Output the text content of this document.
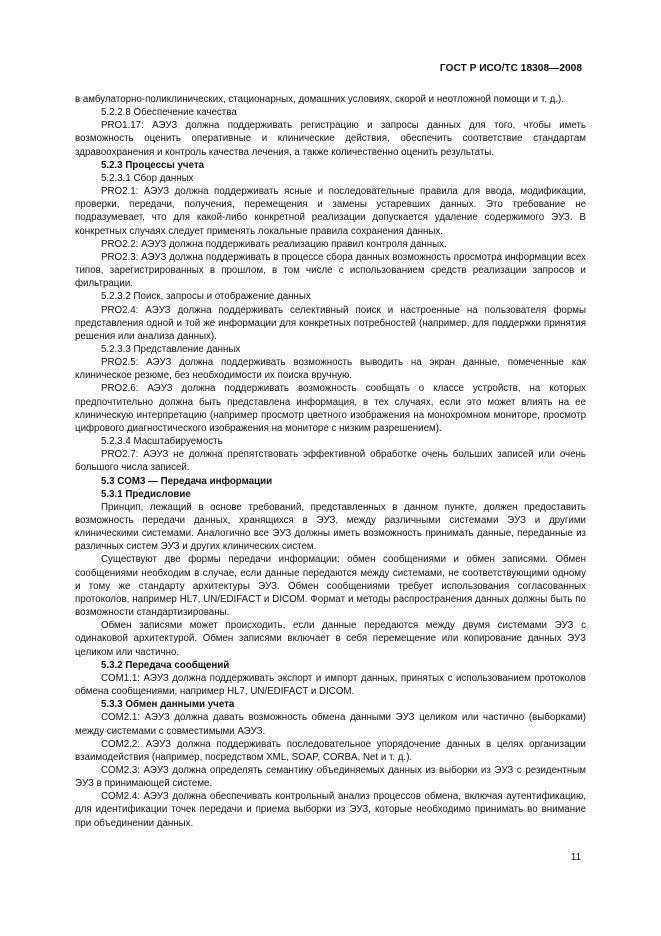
ГОСТ Р ИСО/ТС 18308—2008

в амбулаторно-поликлинических, стационарных, домашних условиях, скорой и неотложной помощи и т. д.).

5.2.2.8 Обеспечение качества

PRO1.17: АЭУЗ должна поддерживать регистрацию и запросы данных для того, чтобы иметь возможность оценить оперативные и клинические действия, обеспечить соответствие стандартам здравоохранения и контроль качества лечения, а также количественно оценить результаты.

5.2.3 Процессы учета

5.2.3.1 Сбор данных

PRO2.1: АЭУЗ должна поддерживать ясные и последовательные правила для ввода, модификации, проверки, передачи, получения, перемещения и замены устаревших данных. Это требование не подразумевает, что для какой-либо конкретной реализации допускается удаление содержимого ЭУЗ. В конкретных случаях следует применять локальные правила сохранения данных.

PRO2.2: АЭУЗ должна поддерживать реализацию правил контроля данных.

PRO2.3: АЭУЗ должна поддерживать в процессе сбора данных возможность просмотра информации всех типов, зарегистрированных в прошлом, в том числе с использованием средств реализации запросов и фильтрации.

5.2.3.2 Поиск, запросы и отображение данных

PRO2.4: АЭУЗ должна поддерживать селективный поиск и настроенные на пользователя формы представления одной и той же информации для конкретных потребностей (например, для поддержки принятия решения или анализа данных).

5.2.3.3 Представление данных

PRO2.5: АЭУЗ должна поддерживать возможность выводить на экран данные, помеченные как клиническое резюме, без необходимости их поиска вручную.

PRO2.6: АЭУЗ должна поддерживать возможность сообщать о классе устройств, на которых предпочтительно должна быть представлена информация, в тех случаях, если это может влиять на ее клиническую интерпретацию (например просмотр цветного изображения на монохромном мониторе, просмотр цифрового диагностического изображения на мониторе с низким разрешением).

5.2.3.4 Масштабируемость

PRO2.7: АЭУЗ не должна препятствовать эффективной обработке очень больших записей или очень большого числа записей.

5.3 COM3 — Передача информации

5.3.1 Предисловие

Принцип, лежащий в основе требований, представленных в данном пункте, должен предоставить возможность передачи данных, хранящихся в ЭУЗ, между различными системами ЭУЗ и другими клиническими системами. Аналогично все ЭУЗ должны иметь возможность принимать данные, переданные из различных систем ЭУЗ и других клинических систем.

Существуют две формы передачи информации: обмен сообщениями и обмен записями. Обмен сообщениями необходим в случае, если данные передаются между системами, не соответствующими одному и тому же стандарту архитектуры ЭУЗ. Обмен сообщениями требует использования согласованных протоколов, например HL7, UN/EDIFACT и DICOM. Формат и методы распространения данных должны быть по возможности стандартизированы.

Обмен записями может происходить, если данные передаются между двумя системами ЭУЗ с одинаковой архитектурой. Обмен записями включает в себя перемещение или копирование данных ЭУЗ целиком или частично.

5.3.2 Передача сообщений

COM1.1: АЭУЗ должна поддерживать экспорт и импорт данных, принятых с использованием протоколов обмена сообщениями, например HL7, UN/EDIFACT и DICOM.

5.3.3 Обмен данными учета

COM2.1: АЭУЗ должна давать возможность обмена данными ЭУЗ целиком или частично (выборками) между системами с совместимыми АЭУЗ.

COM2.2: АЭУЗ должна поддерживать последовательное упорядочение данных в целях организации взаимодействия (например, посредством XML, SOAP, CORBA, Net и т. д.).

COM2.3: АЭУЗ должна определять семантику объединяемых данных из выборки из ЭУЗ с резидентным ЭУЗ в принимающей системе.

COM2.4: АЭУЗ должна обеспечивать контрольный анализ процессов обмена, включая аутентификацию, для идентификации точек передачи и приема выборки из ЭУЗ, которые необходимо принимать во внимание при объединении данных.

11
